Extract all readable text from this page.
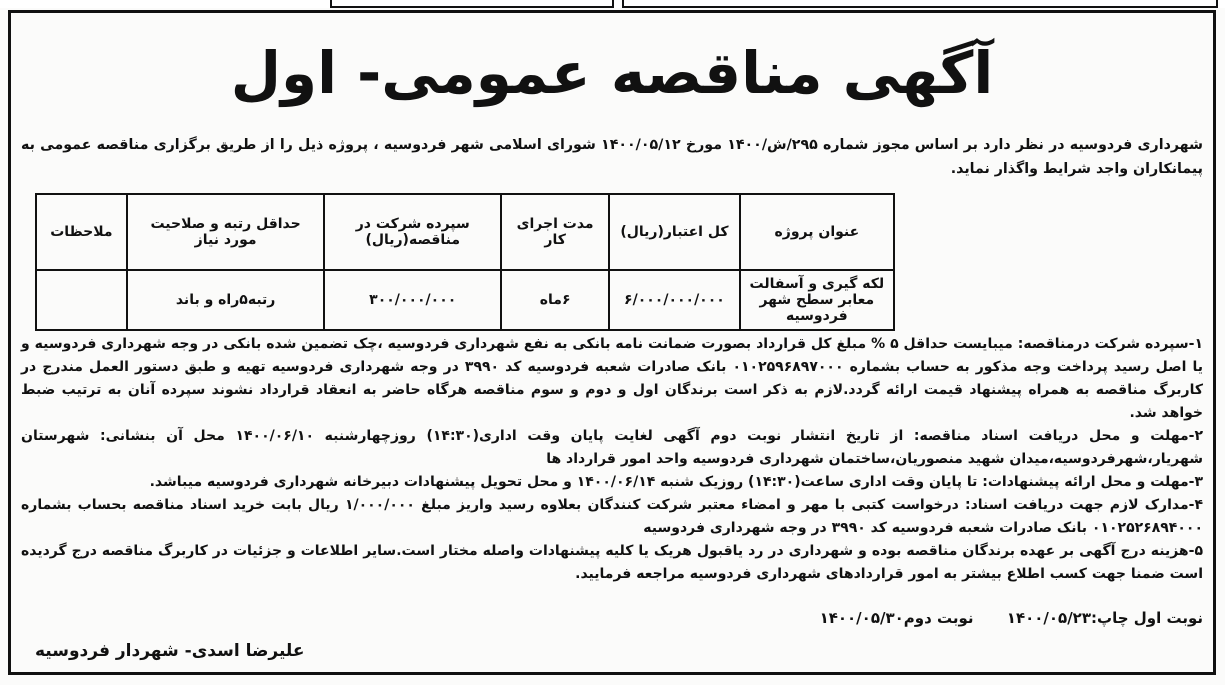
آگهی مناقصه عمومی- اول
شهرداری فردوسیه در نظر دارد بر اساس مجوز شماره ۲۹۵/ش/۱۴۰۰ مورخ ۱۴۰۰/۰۵/۱۲ شورای اسلامی شهر فردوسیه ، پروژه ذیل را از طریق برگزاری مناقصه عمومی به پیمانکاران واجد شرایط واگذار نماید.
عنوان پروژه	کل اعتبار(ریال)	مدت اجرای کار	سپرده شرکت در مناقصه(ریال)	حداقل رتبه و صلاحیت مورد نیاز	ملاحظات
لکه گیری و آسفالت معابر سطح شهر فردوسیه	۶/۰۰۰/۰۰۰/۰۰۰	۶ماه	۳۰۰/۰۰۰/۰۰۰	رتبه۵راه و باند	

۱-سپرده شرکت درمناقصه: میبایست حداقل ۵ % مبلغ کل قرارداد بصورت ضمانت نامه بانکی به نفع شهرداری فردوسیه ،چک تضمین شده بانکی در وجه شهرداری فردوسیه و یا اصل رسید پرداخت وجه مذکور به حساب بشماره ۰۱۰۲۵۹۶۸۹۷۰۰۰ بانک صادرات شعبه فردوسیه کد ۳۹۹۰ در وجه شهرداری فردوسیه تهیه و طبق دستور العمل مندرج در کاربرگ مناقصه به همراه پیشنهاد قیمت ارائه گردد.لازم به ذکر است برندگان اول و دوم و سوم مناقصه هرگاه حاضر به انعقاد قرارداد نشوند سپرده آنان به ترتیب ضبط خواهد شد.

۲-مهلت و محل دریافت اسناد مناقصه: از تاریخ انتشار نوبت دوم آگهی لغایت پایان وقت اداری(۱۴:۳۰) روزچهارشنبه ۱۴۰۰/۰۶/۱۰ محل آن بنشانی: شهرستان شهریار،شهرفردوسیه،میدان شهید منصوریان،ساختمان شهرداری فردوسیه واحد امور قرارداد ها

۳-مهلت و محل ارائه پیشنهادات: تا پایان وقت اداری ساعت(۱۴:۳۰) روزیک شنبه ۱۴۰۰/۰۶/۱۴ و محل تحویل پیشنهادات دبیرخانه شهرداری فردوسیه میباشد.

۴-مدارک لازم جهت دریافت اسناد: درخواست کتبی با مهر و امضاء معتبر شرکت کنندگان بعلاوه رسید واریز مبلغ ۱/۰۰۰/۰۰۰ ریال بابت خرید اسناد مناقصه بحساب بشماره ۰۱۰۲۵۲۶۸۹۴۰۰۰ بانک صادرات شعبه فردوسیه کد ۳۹۹۰ در وجه شهرداری فردوسیه

۵-هزینه درج آگهی بر عهده برندگان مناقصه بوده و شهرداری در رد یاقبول هریک یا کلیه پیشنهادات واصله مختار است.سایر اطلاعات و جزئیات در کاربرگ مناقصه درج گردیده است ضمنا جهت کسب اطلاع بیشتر به امور قراردادهای شهرداری فردوسیه مراجعه فرمایید.

نوبت اول چاپ:۱۴۰۰/۰۵/۲۳ نوبت دوم۱۴۰۰/۰۵/۳۰
علیرضا اسدی- شهردار فردوسیه
